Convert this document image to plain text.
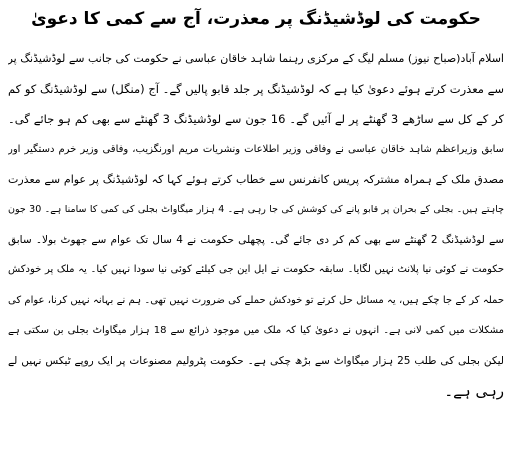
حکومت کی لوڈشیڈنگ پر معذرت، آج سے کمی کا دعویٰ
اسلام آباد(صباح نیوز) مسلم لیگ کے مرکزی رہنما شاہد خاقان عباسی نے حکومت کی جانب سے لوڈشیڈنگ پر
سے معذرت کرتے ہوئے دعویٰ کیا ہے کہ لوڈشیڈنگ پر جلد قابو پالیں گے۔ آج (منگل) سے لوڈشیڈنگ کو کم
کر کے کل سے ساڑھے 3 گھنٹے پر لے آئیں گے۔ 16 جون سے لوڈشیڈنگ 3 گھنٹے سے بھی کم ہو جائے گی۔
سابق وزیراعظم شاہد خاقان عباسی نے وفاقی وزیر اطلاعات ونشریات مریم اورنگزیب، وفاقی وزیر خرم دستگیر اور
مصدق ملک کے ہمراہ مشترکہ پریس کانفرنس سے خطاب کرتے ہوئے کہا کہ لوڈشیڈنگ پر عوام سے معذرت
چاہتے ہیں۔ بجلی کے بحران پر قابو پانے کی کوشش کی جا رہی ہے۔ 4 ہزار میگاواٹ بجلی کی کمی کا سامنا ہے۔ 30 جون
سے لوڈشیڈنگ 2 گھنٹے سے بھی کم کر دی جائے گی۔ پچھلی حکومت نے 4 سال تک عوام سے جھوٹ بولا۔ سابق
حکومت نے کوئی نیا پلانٹ نہیں لگایا۔ سابقہ حکومت نے ایل این جی کیلئے کوئی نیا سودا نہیں کیا۔ یہ ملک پر خودکش
حملہ کر کے جا چکے ہیں، یہ مسائل حل کرتے تو خودکش حملے کی ضرورت نہیں تھی۔ ہم نے بہانہ نہیں کرنا، عوام کی
مشکلات میں کمی لانی ہے۔ انہوں نے دعویٰ کیا کہ ملک میں موجود ذرائع سے 18 ہزار میگاواٹ بجلی بن سکتی ہے
لیکن بجلی کی طلب 25 ہزار میگاواٹ سے بڑھ چکی ہے۔ حکومت پٹرولیم مصنوعات پر ایک روپے ٹیکس نہیں لے
رہی ہے۔
